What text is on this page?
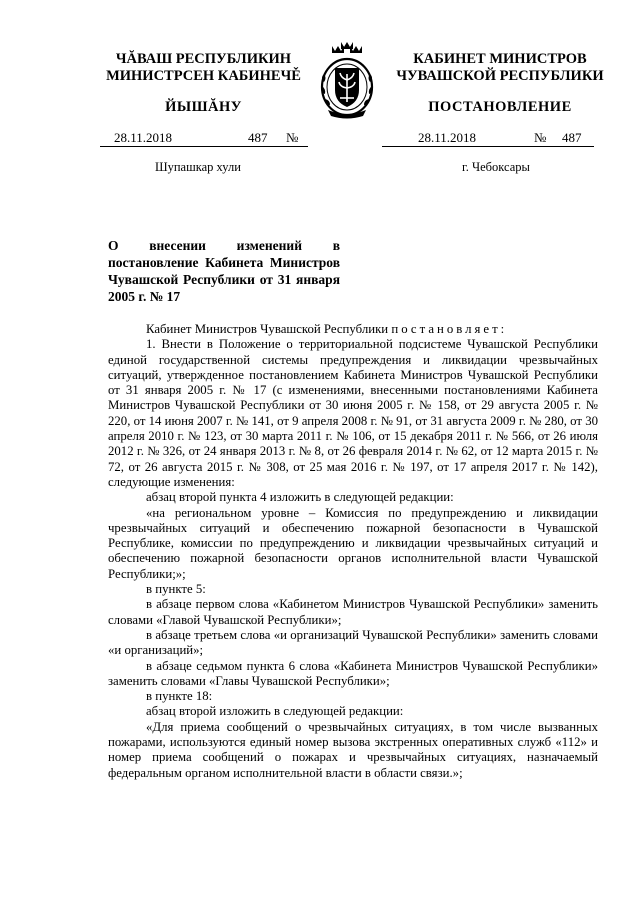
ЧĂВАШ РЕСПУБЛИКИН
МИНИСТРСЕН КАБИНЕЧĚ
ЙЫШĂНУ
КАБИНЕТ МИНИСТРОВ
ЧУВАШСКОЙ РЕСПУБЛИКИ
ПОСТАНОВЛЕНИЕ
28.11.2018	487 №	28.11.2018	№ 487
Шупашкар хули	г. Чебоксары
О внесении изменений в постановление Кабинета Министров Чувашской Республики от 31 января 2005 г. № 17

Кабинет Министров Чувашской Республики постановляет:

1. Внести в Положение о территориальной подсистеме Чувашской Республики единой государственной системы предупреждения и ликвидации чрезвычайных ситуаций, утвержденное постановлением Кабинета Министров Чувашской Республики от 31 января 2005 г. № 17 (с изменениями, внесенными постановлениями Кабинета Министров Чувашской Республики от 30 июня 2005 г. № 158, от 29 августа 2005 г. № 220, от 14 июня 2007 г. № 141, от 9 апреля 2008 г. № 91, от 31 августа 2009 г. № 280, от 30 апреля 2010 г. № 123, от 30 марта 2011 г. № 106, от 15 декабря 2011 г. № 566, от 26 июля 2012 г. № 326, от 24 января 2013 г. № 8, от 26 февраля 2014 г. № 62, от 12 марта 2015 г. № 72, от 26 августа 2015 г. № 308, от 25 мая 2016 г. № 197, от 17 апреля 2017 г. № 142), следующие изменения:

абзац второй пункта 4 изложить в следующей редакции:

«на региональном уровне – Комиссия по предупреждению и ликвидации чрезвычайных ситуаций и обеспечению пожарной безопасности в Чувашской Республике, комиссии по предупреждению и ликвидации чрезвычайных ситуаций и обеспечению пожарной безопасности органов исполнительной власти Чувашской Республики;»;

в пункте 5:

в абзаце первом слова «Кабинетом Министров Чувашской Республики» заменить словами «Главой Чувашской Республики»;

в абзаце третьем слова «и организаций Чувашской Республики» заменить словами «и организаций»;

в абзаце седьмом пункта 6 слова «Кабинета Министров Чувашской Республики» заменить словами «Главы Чувашской Республики»;

в пункте 18:

абзац второй изложить в следующей редакции:

«Для приема сообщений о чрезвычайных ситуациях, в том числе вызванных пожарами, используются единый номер вызова экстренных оперативных служб «112» и номер приема сообщений о пожарах и чрезвычайных ситуациях, назначаемый федеральным органом исполнительной власти в области связи.»;
